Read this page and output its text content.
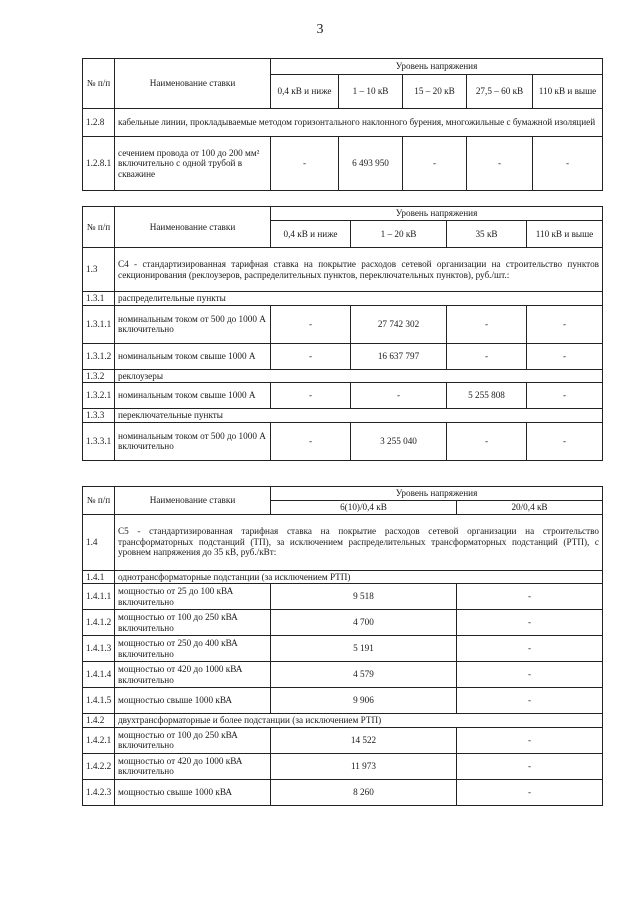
3
№ п/п	Наименование ставки	Уровень напряжения				
		0,4 кВ и ниже	1 – 10 кВ	15 – 20 кВ	27,5 – 60 кВ	110 кВ и выше
1.2.8	кабельные линии, прокладываемые методом горизонтального наклонного бурения, многожильные с бумажной изоляцией					
1.2.8.1	сечением провода от 100 до 200 мм² включительно с одной трубой в скважине	-	6 493 950	-	-	-
№ п/п	Наименование ставки	Уровень напряжения			
		0,4 кВ и ниже	1 – 20 кВ	35 кВ	110 кВ и выше
1.3	С4 - стандартизированная тарифная ставка на покрытие расходов сетевой организации на строительство пунктов секционирования (реклоузеров, распределительных пунктов, переключательных пунктов), руб./шт.:				
1.3.1	распределительные пункты				
1.3.1.1	номинальным током от 500 до 1000 А включительно	-	27 742 302	-	-
1.3.1.2	номинальным током свыше 1000 А	-	16 637 797	-	-
1.3.2	реклоузеры				
1.3.2.1	номинальным током свыше 1000 А	-	-	5 255 808	-
1.3.3	переключательные пункты				
1.3.3.1	номинальным током от 500 до 1000 А включительно	-	3 255 040	-	-
№ п/п	Наименование ставки	Уровень напряжения	
		6(10)/0,4 кВ	20/0,4 кВ
1.4	С5 - стандартизированная тарифная ставка на покрытие расходов сетевой организации на строительство трансформаторных подстанций (ТП), за исключением распределительных трансформаторных подстанций (РТП), с уровнем напряжения до 35 кВ, руб./кВт:		
1.4.1	однотрансформаторные подстанции (за исключением РТП)		
1.4.1.1	мощностью от 25 до 100 кВА включительно	9 518	-
1.4.1.2	мощностью от 100 до 250 кВА включительно	4 700	-
1.4.1.3	мощностью от 250 до 400 кВА включительно	5 191	-
1.4.1.4	мощностью от 420 до 1000 кВА включительно	4 579	-
1.4.1.5	мощностью свыше 1000 кВА	9 906	-
1.4.2	двухтрансформаторные и более подстанции (за исключением РТП)		
1.4.2.1	мощностью от 100 до 250 кВА включительно	14 522	-
1.4.2.2	мощностью от 420 до 1000 кВА включительно	11 973	-
1.4.2.3	мощностью свыше 1000 кВА	8 260	-
